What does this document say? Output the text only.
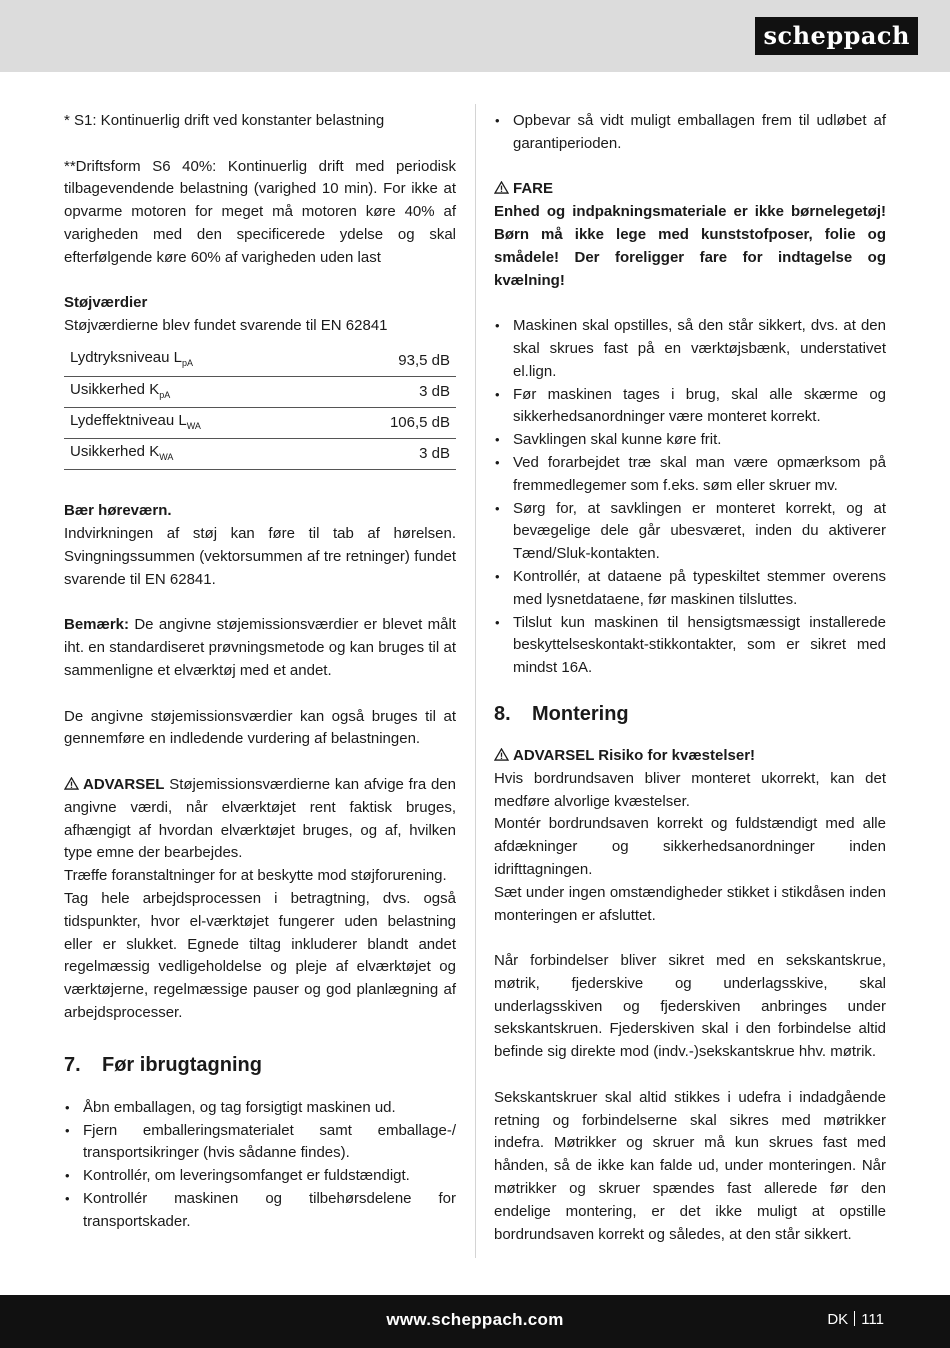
scheppach

* S1: Kontinuerlig drift ved konstanter belastning

**Driftsform S6 40%: Kontinuerlig drift med periodisk tilbagevendende belastning (varighed 10 min). For ikke at opvarme motoren for meget må motoren køre 40% af varigheden med den specificerede ydelse og skal efterfølgende køre 60% af varigheden uden last

Støjværdier

Støjværdierne blev fundet svarende til EN 62841

Lydtryksniveau $L_{pA}$	93,5 dB
Usikkerhed $K_{pA}$	3 dB
Lydeffektniveau $L_{WA}$	106,5 dB
Usikkerhed $K_{WA}$	3 dB

Bær høreværn.

Indvirkningen af støj kan føre til tab af hørelsen. Svingningssummen (vektorsummen af tre retninger) fundet svarende til EN 62841.

Bemærk: De angivne støjemissionsværdier er blevet målt iht. en standardiseret prøvningsmetode og kan bruges til at sammenligne et elværktøj med et andet.

De angivne støjemissionsværdier kan også bruges til at gennemføre en indledende vurdering af belastningen.

ADVARSEL Støjemissionsværdierne kan afvige fra den angivne værdi, når elværktøjet rent faktisk bruges, afhængigt af hvordan elværktøjet bruges, og af, hvilken type emne der bearbejdes.

Træffe foranstaltninger for at beskytte mod støjforurening.

Tag hele arbejdsprocessen i betragtning, dvs. også tidspunkter, hvor el-værktøjet fungerer uden belastning eller er slukket. Egnede tiltag inkluderer blandt andet regelmæssig vedligeholdelse og pleje af elværktøjet og værktøjerne, regelmæssige pauser og god planlægning af arbejdsprocesser.

7. Før ibrugtagning
• Åbn emballagen, og tag forsigtigt maskinen ud.
• Fjern emballeringsmaterialet samt emballage-/ transportsikringer (hvis sådanne findes).
• Kontrollér, om leveringsomfanget er fuldstændigt.
• Kontrollér maskinen og tilbehørsdelene for transportskader.
• Opbevar så vidt muligt emballagen frem til udløbet af garantiperioden.

FARE

Enhed og indpakningsmateriale er ikke børnelegetøj! Børn må ikke lege med kunststofposer, folie og smådele! Der foreligger fare for indtagelse og kvælning!

• Maskinen skal opstilles, så den står sikkert, dvs. at den skal skrues fast på en værktøjsbænk, understativet el.lign.
• Før maskinen tages i brug, skal alle skærme og sikkerhedsanordninger være monteret korrekt.
• Savklingen skal kunne køre frit.
• Ved forarbejdet træ skal man være opmærksom på fremmedlegemer som f.eks. søm eller skruer mv.
• Sørg for, at savklingen er monteret korrekt, og at bevægelige dele går ubesværet, inden du aktiverer Tænd/Sluk-kontakten.
• Kontrollér, at dataene på typeskiltet stemmer overens med lysnetdataene, før maskinen tilsluttes.
• Tilslut kun maskinen til hensigtsmæssigt installerede beskyttelseskontakt-stikkontakter, som er sikret med mindst 16A.
8. Montering

ADVARSEL Risiko for kvæstelser!

Hvis bordrundsaven bliver monteret ukorrekt, kan det medføre alvorlige kvæstelser.

Montér bordrundsaven korrekt og fuldstændigt med alle afdækninger og sikkerhedsanordninger inden idrifttagningen.

Sæt under ingen omstændigheder stikket i stikdåsen inden monteringen er afsluttet.

Når forbindelser bliver sikret med en sekskantskrue, møtrik, fjederskive og underlagsskive, skal underlagsskiven og fjederskiven anbringes under sekskantskruen. Fjederskiven skal i den forbindelse altid befinde sig direkte mod (indv.-)sekskantskrue hhv. møtrik.

Sekskantskruer skal altid stikkes i udefra i indadgående retning og forbindelserne skal sikres med møtrikker indefra. Møtrikker og skruer må kun skrues fast med hånden, så de ikke kan falde ud, under monteringen. Når møtrikker og skruer spændes fast allerede før den endelige montering, er det ikke muligt at opstille bordrundsaven korrekt og således, at den står sikkert.

www.scheppach.com	DK 111
